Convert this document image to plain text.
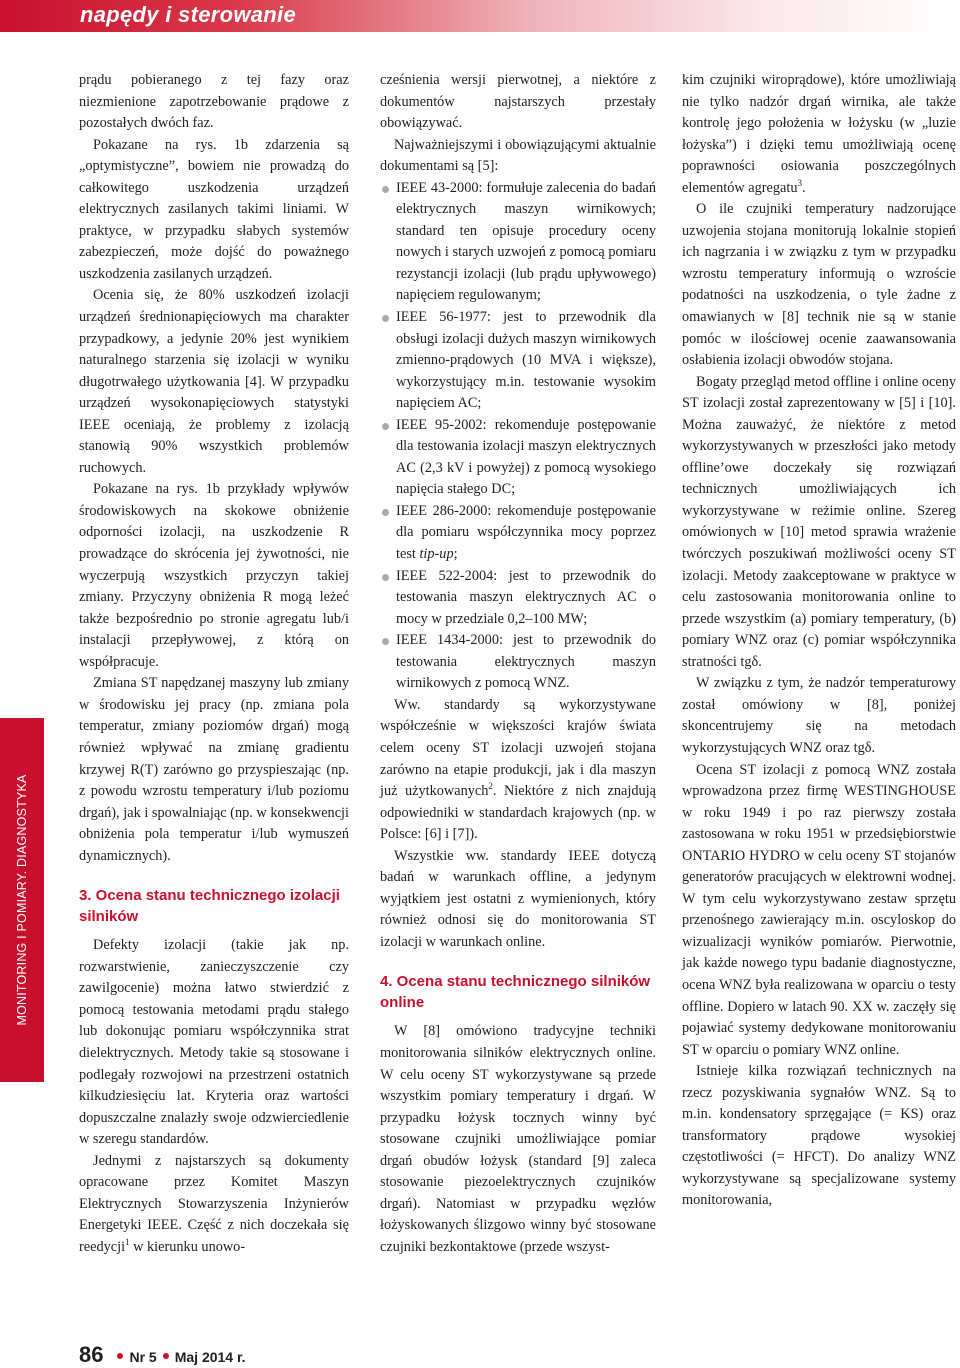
napędy i sterowanie
MONITORING I POMIARY. DIAGNOSTYKA

prądu pobieranego z tej fazy oraz niezmienione zapotrzebowanie prądowe z pozostałych dwóch faz.

Pokazane na rys. 1b zdarzenia są „optymistyczne”, bowiem nie prowadzą do całkowitego uszkodzenia urządzeń elektrycznych zasilanych takimi liniami. W praktyce, w przypadku słabych systemów zabezpieczeń, może dojść do poważnego uszkodzenia zasilanych urządzeń.

Ocenia się, że 80% uszkodzeń izolacji urządzeń średnionapięciowych ma charakter przypadkowy, a jedynie 20% jest wynikiem naturalnego starzenia się izolacji w wyniku długotrwałego użytkowania [4]. W przypadku urządzeń wysokonapięciowych statystyki IEEE oceniają, że problemy z izolacją stanowią 90% wszystkich problemów ruchowych.

Pokazane na rys. 1b przykłady wpływów środowiskowych na skokowe obniżenie odporności izolacji, na uszkodzenie R prowadzące do skrócenia jej żywotności, nie wyczerpują wszystkich przyczyn takiej zmiany. Przyczyny obniżenia R mogą leżeć także bezpośrednio po stronie agregatu lub/i instalacji przepływowej, z którą on współpracuje.

Zmiana ST napędzanej maszyny lub zmiany w środowisku jej pracy (np. zmiana pola temperatur, zmiany poziomów drgań) mogą również wpływać na zmianę gradientu krzywej R(T) zarówno go przyspieszając (np. z powodu wzrostu temperatury i/lub poziomu drgań), jak i spowalniając (np. w konsekwencji obniżenia pola temperatur i/lub wymuszeń dynamicznych).

3. Ocena stanu technicznego izolacji silników

Defekty izolacji (takie jak np. rozwarstwienie, zanieczyszczenie czy zawilgocenie) można łatwo stwierdzić z pomocą testowania metodami prądu stałego lub dokonując pomiaru współczynnika strat dielektrycznych. Metody takie są stosowane i podlegały rozwojowi na przestrzeni ostatnich kilkudziesięciu lat. Kryteria oraz wartości dopuszczalne znalazły swoje odzwierciedlenie w szeregu standardów.

Jednymi z najstarszych są dokumenty opracowane przez Komitet Maszyn Elektrycznych Stowarzyszenia Inżynierów Energetyki IEEE. Część z nich doczekała się reedycji$^1$ w kierunku unowo-

cześnienia wersji pierwotnej, a niektóre z dokumentów najstarszych przestały obowiązywać.

Najważniejszymi i obowiązującymi aktualnie dokumentami są [5]:

IEEE 43-2000: formułuje zalecenia do badań elektrycznych maszyn wirnikowych; standard ten opisuje procedury oceny nowych i starych uzwojeń z pomocą pomiaru rezystancji izolacji (lub prądu upływowego) napięciem regulowanym;
IEEE 56-1977: jest to przewodnik dla obsługi izolacji dużych maszyn wirnikowych zmienno-prądowych (10 MVA i większe), wykorzystujący m.in. testowanie wysokim napięciem AC;
IEEE 95-2002: rekomenduje postępowanie dla testowania izolacji maszyn elektrycznych AC (2,3 kV i powyżej) z pomocą wysokiego napięcia stałego DC;
IEEE 286-2000: rekomenduje postępowanie dla pomiaru współczynnika mocy poprzez test tip-up;
IEEE 522-2004: jest to przewodnik do testowania maszyn elektrycznych AC o mocy w przedziale 0,2–100 MW;
IEEE 1434-2000: jest to przewodnik do testowania elektrycznych maszyn wirnikowych z pomocą WNZ.

Ww. standardy są wykorzystywane współcześnie w większości krajów świata celem oceny ST izolacji uzwojeń stojana zarówno na etapie produkcji, jak i dla maszyn już użytkowanych$^2$. Niektóre z nich znajdują odpowiedniki w standardach krajowych (np. w Polsce: [6] i [7]).

Wszystkie ww. standardy IEEE dotyczą badań w warunkach offline, a jedynym wyjątkiem jest ostatni z wymienionych, który również odnosi się do monitorowania ST izolacji w warunkach online.

4. Ocena stanu technicznego silników online

W [8] omówiono tradycyjne techniki monitorowania silników elektrycznych online. W celu oceny ST wykorzystywane są przede wszystkim pomiary temperatury i drgań. W przypadku łożysk tocznych winny być stosowane czujniki umożliwiające pomiar drgań obudów łożysk (standard [9] zaleca stosowanie piezoelektrycznych czujników drgań). Natomiast w przypadku węzłów łożyskowanych ślizgowo winny być stosowane czujniki bezkontaktowe (przede wszyst-

kim czujniki wiroprądowe), które umożliwiają nie tylko nadzór drgań wirnika, ale także kontrolę jego położenia w łożysku (w „luzie łożyska”) i dzięki temu umożliwiają ocenę poprawności osiowania poszczególnych elementów agregatu$^3$.

O ile czujniki temperatury nadzorujące uzwojenia stojana monitorują lokalnie stopień ich nagrzania i w związku z tym w przypadku wzrostu temperatury informują o wzroście podatności na uszkodzenia, o tyle żadne z omawianych w [8] technik nie są w stanie pomóc w ilościowej ocenie zaawansowania osłabienia izolacji obwodów stojana.

Bogaty przegląd metod offline i online oceny ST izolacji został zaprezentowany w [5] i [10]. Można zauważyć, że niektóre z metod wykorzystywanych w przeszłości jako metody offline’owe doczekały się rozwiązań technicznych umożliwiających ich wykorzystywane w reżimie online. Szereg omówionych w [10] metod sprawia wrażenie twórczych poszukiwań możliwości oceny ST izolacji. Metody zaakceptowane w praktyce w celu zastosowania monitorowania online to przede wszystkim (a) pomiary temperatury, (b) pomiary WNZ oraz (c) pomiar współczynnika stratności tgδ.

W związku z tym, że nadzór temperaturowy został omówiony w [8], poniżej skoncentrujemy się na metodach wykorzystujących WNZ oraz tgδ.

Ocena ST izolacji z pomocą WNZ została wprowadzona przez firmę WESTINGHOUSE w roku 1949 i po raz pierwszy została zastosowana w roku 1951 w przedsiębiorstwie ONTARIO HYDRO w celu oceny ST stojanów generatorów pracujących w elektrowni wodnej. W tym celu wykorzystywano zestaw sprzętu przenośnego zawierający m.in. oscyloskop do wizualizacji wyników pomiarów. Pierwotnie, jak każde nowego typu badanie diagnostyczne, ocena WNZ była realizowana w oparciu o testy offline. Dopiero w latach 90. XX w. zaczęły się pojawiać systemy dedykowane monitorowaniu ST w oparciu o pomiary WNZ online.

Istnieje kilka rozwiązań technicznych na rzecz pozyskiwania sygnałów WNZ. Są to m.in. kondensatory sprzęgające (= KS) oraz transformatory prądowe wysokiej częstotliwości (= HFCT). Do analizy WNZ wykorzystywane są specjalizowane systemy monitorowania,

86 Nr 5 Maj 2014 r.
